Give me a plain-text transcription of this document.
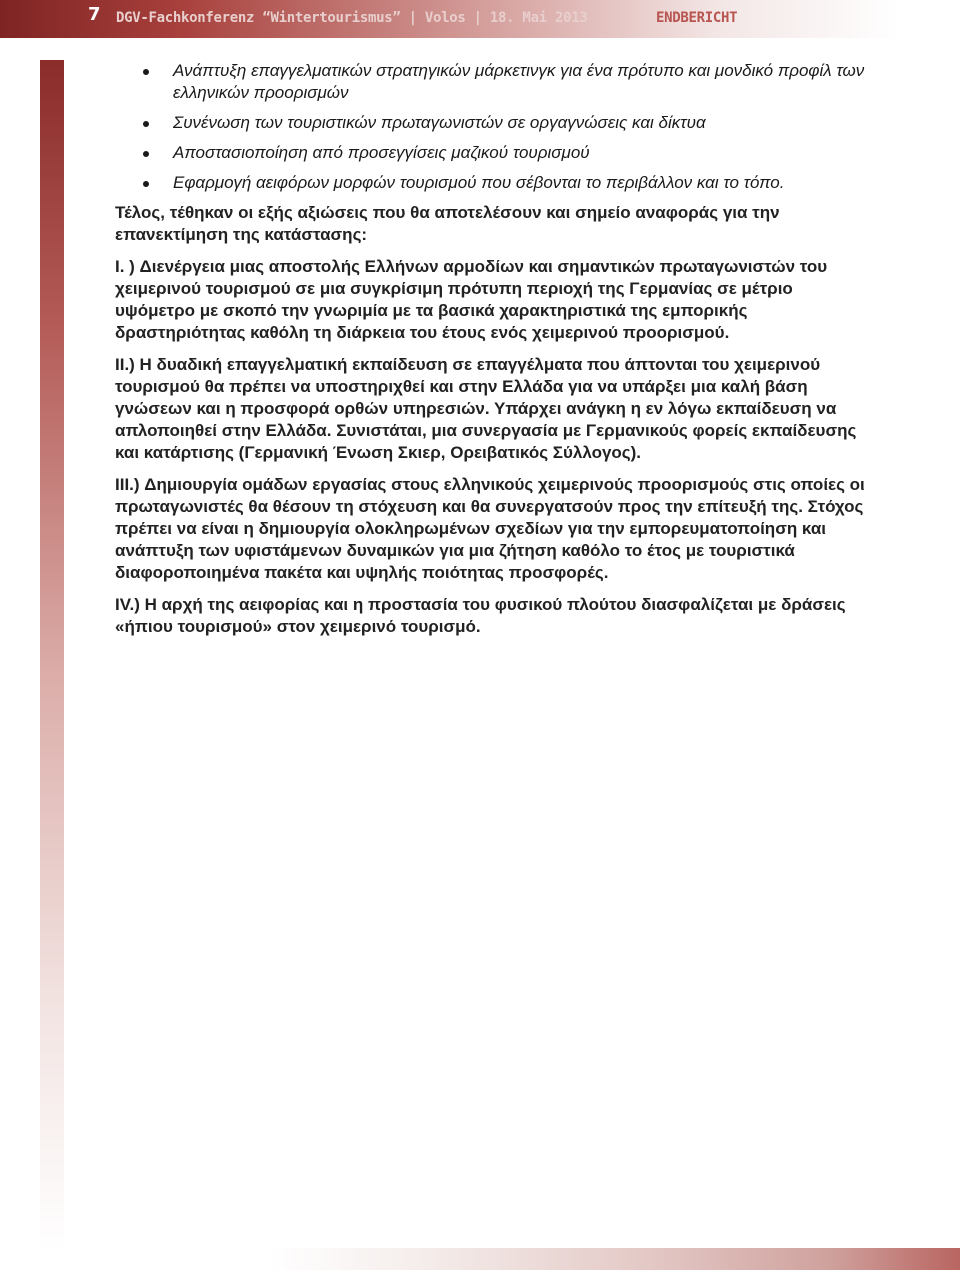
7 DGV-Fachkonferenz “Wintertourismus” | Volos | 18. Mai 2013	ENDBERICHT
Ανάπτυξη επαγγελματικών στρατηγικών μάρκετινγκ για ένα πρότυπο και μονδικό προφίλ των ελληνικών προορισμών
Συνένωση των τουριστικών πρωταγωνιστών σε οργαγνώσεις και δίκτυα
Αποστασιοποίηση από προσεγγίσεις μαζικού τουρισμού
Εφαρμογή αειφόρων μορφών τουρισμού που σέβονται το περιβάλλον και το τόπο.

Τέλος, τέθηκαν οι εξής αξιώσεις που θα αποτελέσουν και σημείο αναφοράς για την επανεκτίμηση της κατάστασης:

I. ) Διενέργεια μιας αποστολής Ελλήνων αρμοδίων και σημαντικών πρωταγωνιστών του χειμερινού τουρισμού σε μια συγκρίσιμη πρότυπη περιοχή της Γερμανίας σε μέτριο υψόμετρο με σκοπό την γνωριμία με τα βασικά χαρακτηριστικά της εμπορικής δραστηριότητας καθόλη τη διάρκεια του έτους ενός χειμερινού προορισμού.

II.) Η δυαδική επαγγελματική εκπαίδευση σε επαγγέλματα που άπτονται του χειμερινού τουρισμού θα πρέπει να υποστηριχθεί και στην Ελλάδα για να υπάρξει μια καλή βάση γνώσεων και η προσφορά ορθών υπηρεσιών. Υπάρχει ανάγκη η εν λόγω εκπαίδευση να απλοποιηθεί στην Ελλάδα. Συνιστάται, μια συνεργασία με Γερμανικούς φορείς εκπαίδευσης και κατάρτισης (Γερμανική Ένωση Σκιερ, Ορειβατικός Σύλλογος).

III.) Δημιουργία ομάδων εργασίας στους ελληνικούς χειμερινούς προορισμούς στις οποίες οι πρωταγωνιστές θα θέσουν τη στόχευση και θα συνεργατσούν προς την επίτευξή της. Στόχος πρέπει να είναι η δημιουργία ολοκληρωμένων σχεδίων για την εμπορευματοποίηση και ανάπτυξη των υφιστάμενων δυναμικών για μια ζήτηση καθόλο το έτος με τουριστικά διαφοροποιημένα πακέτα και υψηλής ποιότητας προσφορές.

IV.) Η αρχή της αειφορίας και η προστασία του φυσικού πλούτου διασφαλίζεται με δράσεις «ήπιου τουρισμού» στον χειμερινό τουρισμό.
